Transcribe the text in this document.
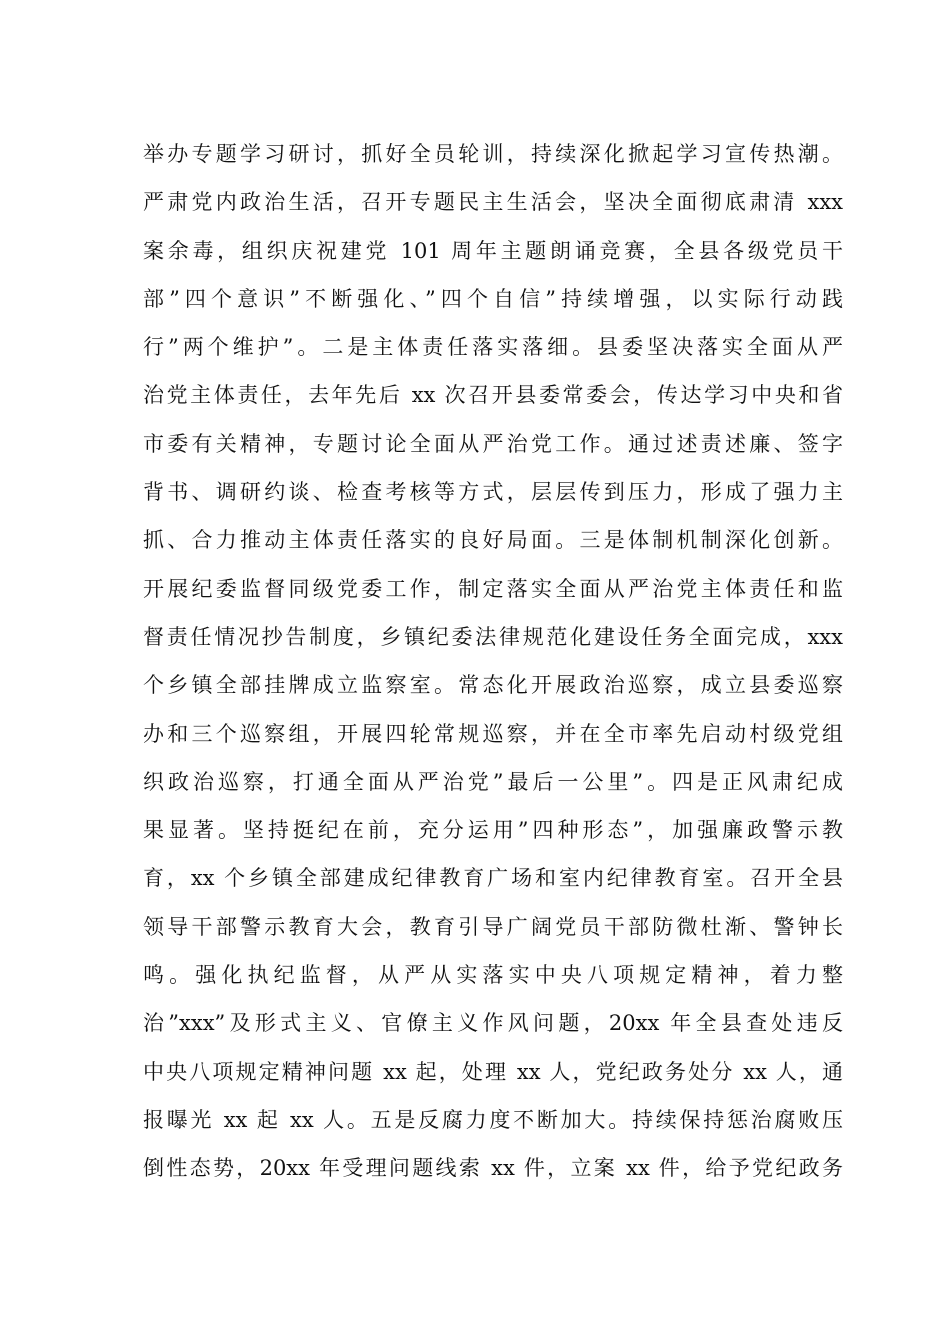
举办专题学习研讨，抓好全员轮训，持续深化掀起学习宣传热潮。
严肃党内政治生活，召开专题民主生活会，坚决全面彻底肃清 xxx
案余毒，组织庆祝建党 101 周年主题朗诵竞赛，全县各级党员干
部”四个意识”不断强化、”四个自信”持续增强，以实际行动践
行”两个维护”。二是主体责任落实落细。县委坚决落实全面从严
治党主体责任，去年先后 xx 次召开县委常委会，传达学习中央和省
市委有关精神，专题讨论全面从严治党工作。通过述责述廉、签字
背书、调研约谈、检查考核等方式，层层传到压力，形成了强力主
抓、合力推动主体责任落实的良好局面。三是体制机制深化创新。
开展纪委监督同级党委工作，制定落实全面从严治党主体责任和监
督责任情况抄告制度，乡镇纪委法律规范化建设任务全面完成，xxx
个乡镇全部挂牌成立监察室。常态化开展政治巡察，成立县委巡察
办和三个巡察组，开展四轮常规巡察，并在全市率先启动村级党组
织政治巡察，打通全面从严治党”最后一公里”。四是正风肃纪成
果显著。坚持挺纪在前，充分运用”四种形态”，加强廉政警示教
育，xx 个乡镇全部建成纪律教育广场和室内纪律教育室。召开全县
领导干部警示教育大会，教育引导广阔党员干部防微杜渐、警钟长
鸣。强化执纪监督，从严从实落实中央八项规定精神，着力整
治”xxx”及形式主义、官僚主义作风问题，20xx 年全县查处违反
中央八项规定精神问题 xx 起，处理 xx 人，党纪政务处分 xx 人，通
报曝光 xx 起 xx 人。五是反腐力度不断加大。持续保持惩治腐败压
倒性态势，20xx 年受理问题线索 xx 件，立案 xx 件，给予党纪政务
